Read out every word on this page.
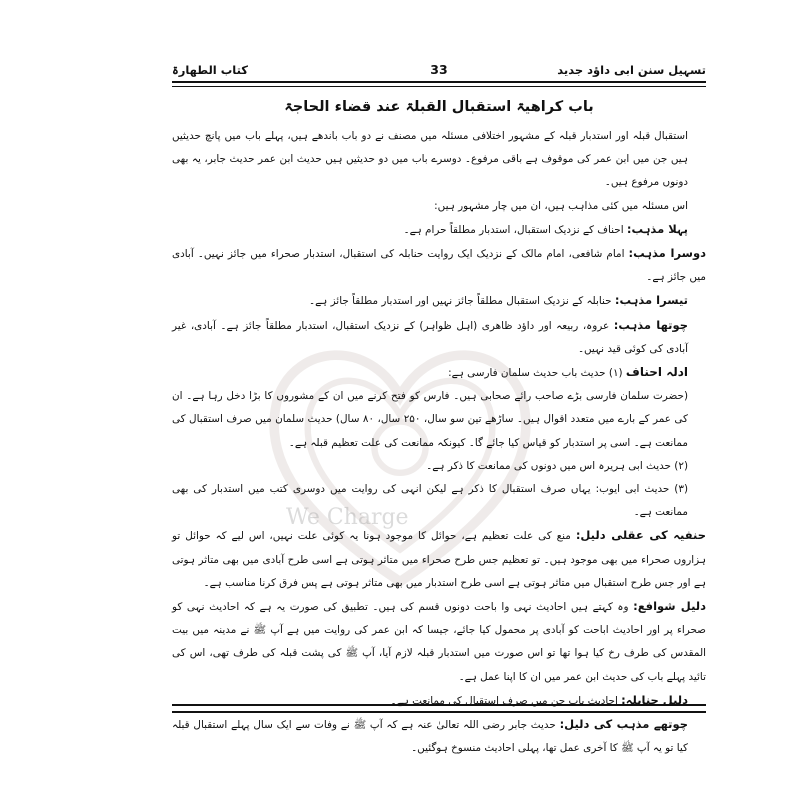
We Charge
تسہیل سنن ابی داؤد جدید
33
کتاب الطھارۃ
باب کراھیۃ استقبال القبلۃ عند قضاء الحاجۃ

استقبال قبلہ اور استدبار قبلہ کے مشہور اختلافی مسئلہ میں مصنف نے دو باب باندھے ہیں، پہلے باب میں پانچ حدیثیں ہیں جن میں ابن عمر کی موقوف ہے باقی مرفوع۔ دوسرے باب میں دو حدیثیں ہیں حدیث ابن عمر حدیث جابر، یہ بھی دونوں مرفوع ہیں۔

اس مسئلہ میں کئی مذاہب ہیں، ان میں چار مشہور ہیں:

پہلا مذہب: احناف کے نزدیک استقبال، استدبار مطلقاً حرام ہے۔

دوسرا مذہب: امام شافعی، امام مالک کے نزدیک ایک روایت حنابلہ کی استقبال، استدبار صحراء میں جائز نہیں۔ آبادی میں جائز ہے۔

تیسرا مذہب: حنابلہ کے نزدیک استقبال مطلقاً جائز نہیں اور استدبار مطلقاً جائز ہے۔

چوتھا مذہب: عروہ، ربیعہ اور داؤد ظاھری (اہل ظواہر) کے نزدیک استقبال، استدبار مطلقاً جائز ہے۔ آبادی، غیر آبادی کی کوئی قید نہیں۔

ادلہ احناف (۱) حدیث باب حدیث سلمان فارسی ہے:

(حضرت سلمان فارسی بڑے صاحب رائے صحابی ہیں۔ فارس کو فتح کرنے میں ان کے مشوروں کا بڑا دخل رہا ہے۔ ان کی عمر کے بارے میں متعدد اقوال ہیں۔ ساڑھے تین سو سال، ۲۵۰ سال، ۸۰ سال) حدیث سلمان میں صرف استقبال کی ممانعت ہے۔ اسی پر استدبار کو قیاس کیا جائے گا۔ کیونکہ ممانعت کی علت تعظیم قبلہ ہے۔

(۲) حدیث ابی ہریرہ اس میں دونوں کی ممانعت کا ذکر ہے۔

(۳) حدیث ابی ایوب: یہاں صرف استقبال کا ذکر ہے لیکن انہی کی روایت میں دوسری کتب میں استدبار کی بھی ممانعت ہے۔

حنفیہ کی عقلی دلیل: منع کی علت تعظیم ہے، حوائل کا موجود ہونا یہ کوئی علت نہیں، اس لیے کہ حوائل تو ہزاروں صحراء میں بھی موجود ہیں۔ تو تعظیم جس طرح صحراء میں متاثر ہوتی ہے اسی طرح آبادی میں بھی متاثر ہوتی ہے اور جس طرح استقبال میں متاثر ہوتی ہے اسی طرح استدبار میں بھی متاثر ہوتی ہے پس فرق کرنا مناسب ہے۔

دلیل شوافع: وہ کہتے ہیں احادیث نہی وا باحت دونوں قسم کی ہیں۔ تطبیق کی صورت یہ ہے کہ احادیث نہی کو صحراء پر اور احادیث اباحت کو آبادی پر محمول کیا جائے، جیسا کہ ابن عمر کی روایت میں ہے آپ ﷺ نے مدینہ میں بیت المقدس کی طرف رخ کیا ہوا تھا تو اس صورت میں استدبار قبلہ لازم آیا، آپ ﷺ کی پشت قبلہ کی طرف تھی، اس کی تائید پہلے باب کی حدیث ابن عمر میں ان کا اپنا عمل ہے۔

دلیل حنابلہ: احادیث باب جن میں صرف استقبال کی ممانعت ہے۔

چوتھے مذہب کی دلیل: حدیث جابر رضی اللہ تعالیٰ عنہ ہے کہ آپ ﷺ نے وفات سے ایک سال پہلے استقبال قبلہ کیا تو یہ آپ ﷺ کا آخری عمل تھا، پہلی احادیث منسوخ ہوگئیں۔
